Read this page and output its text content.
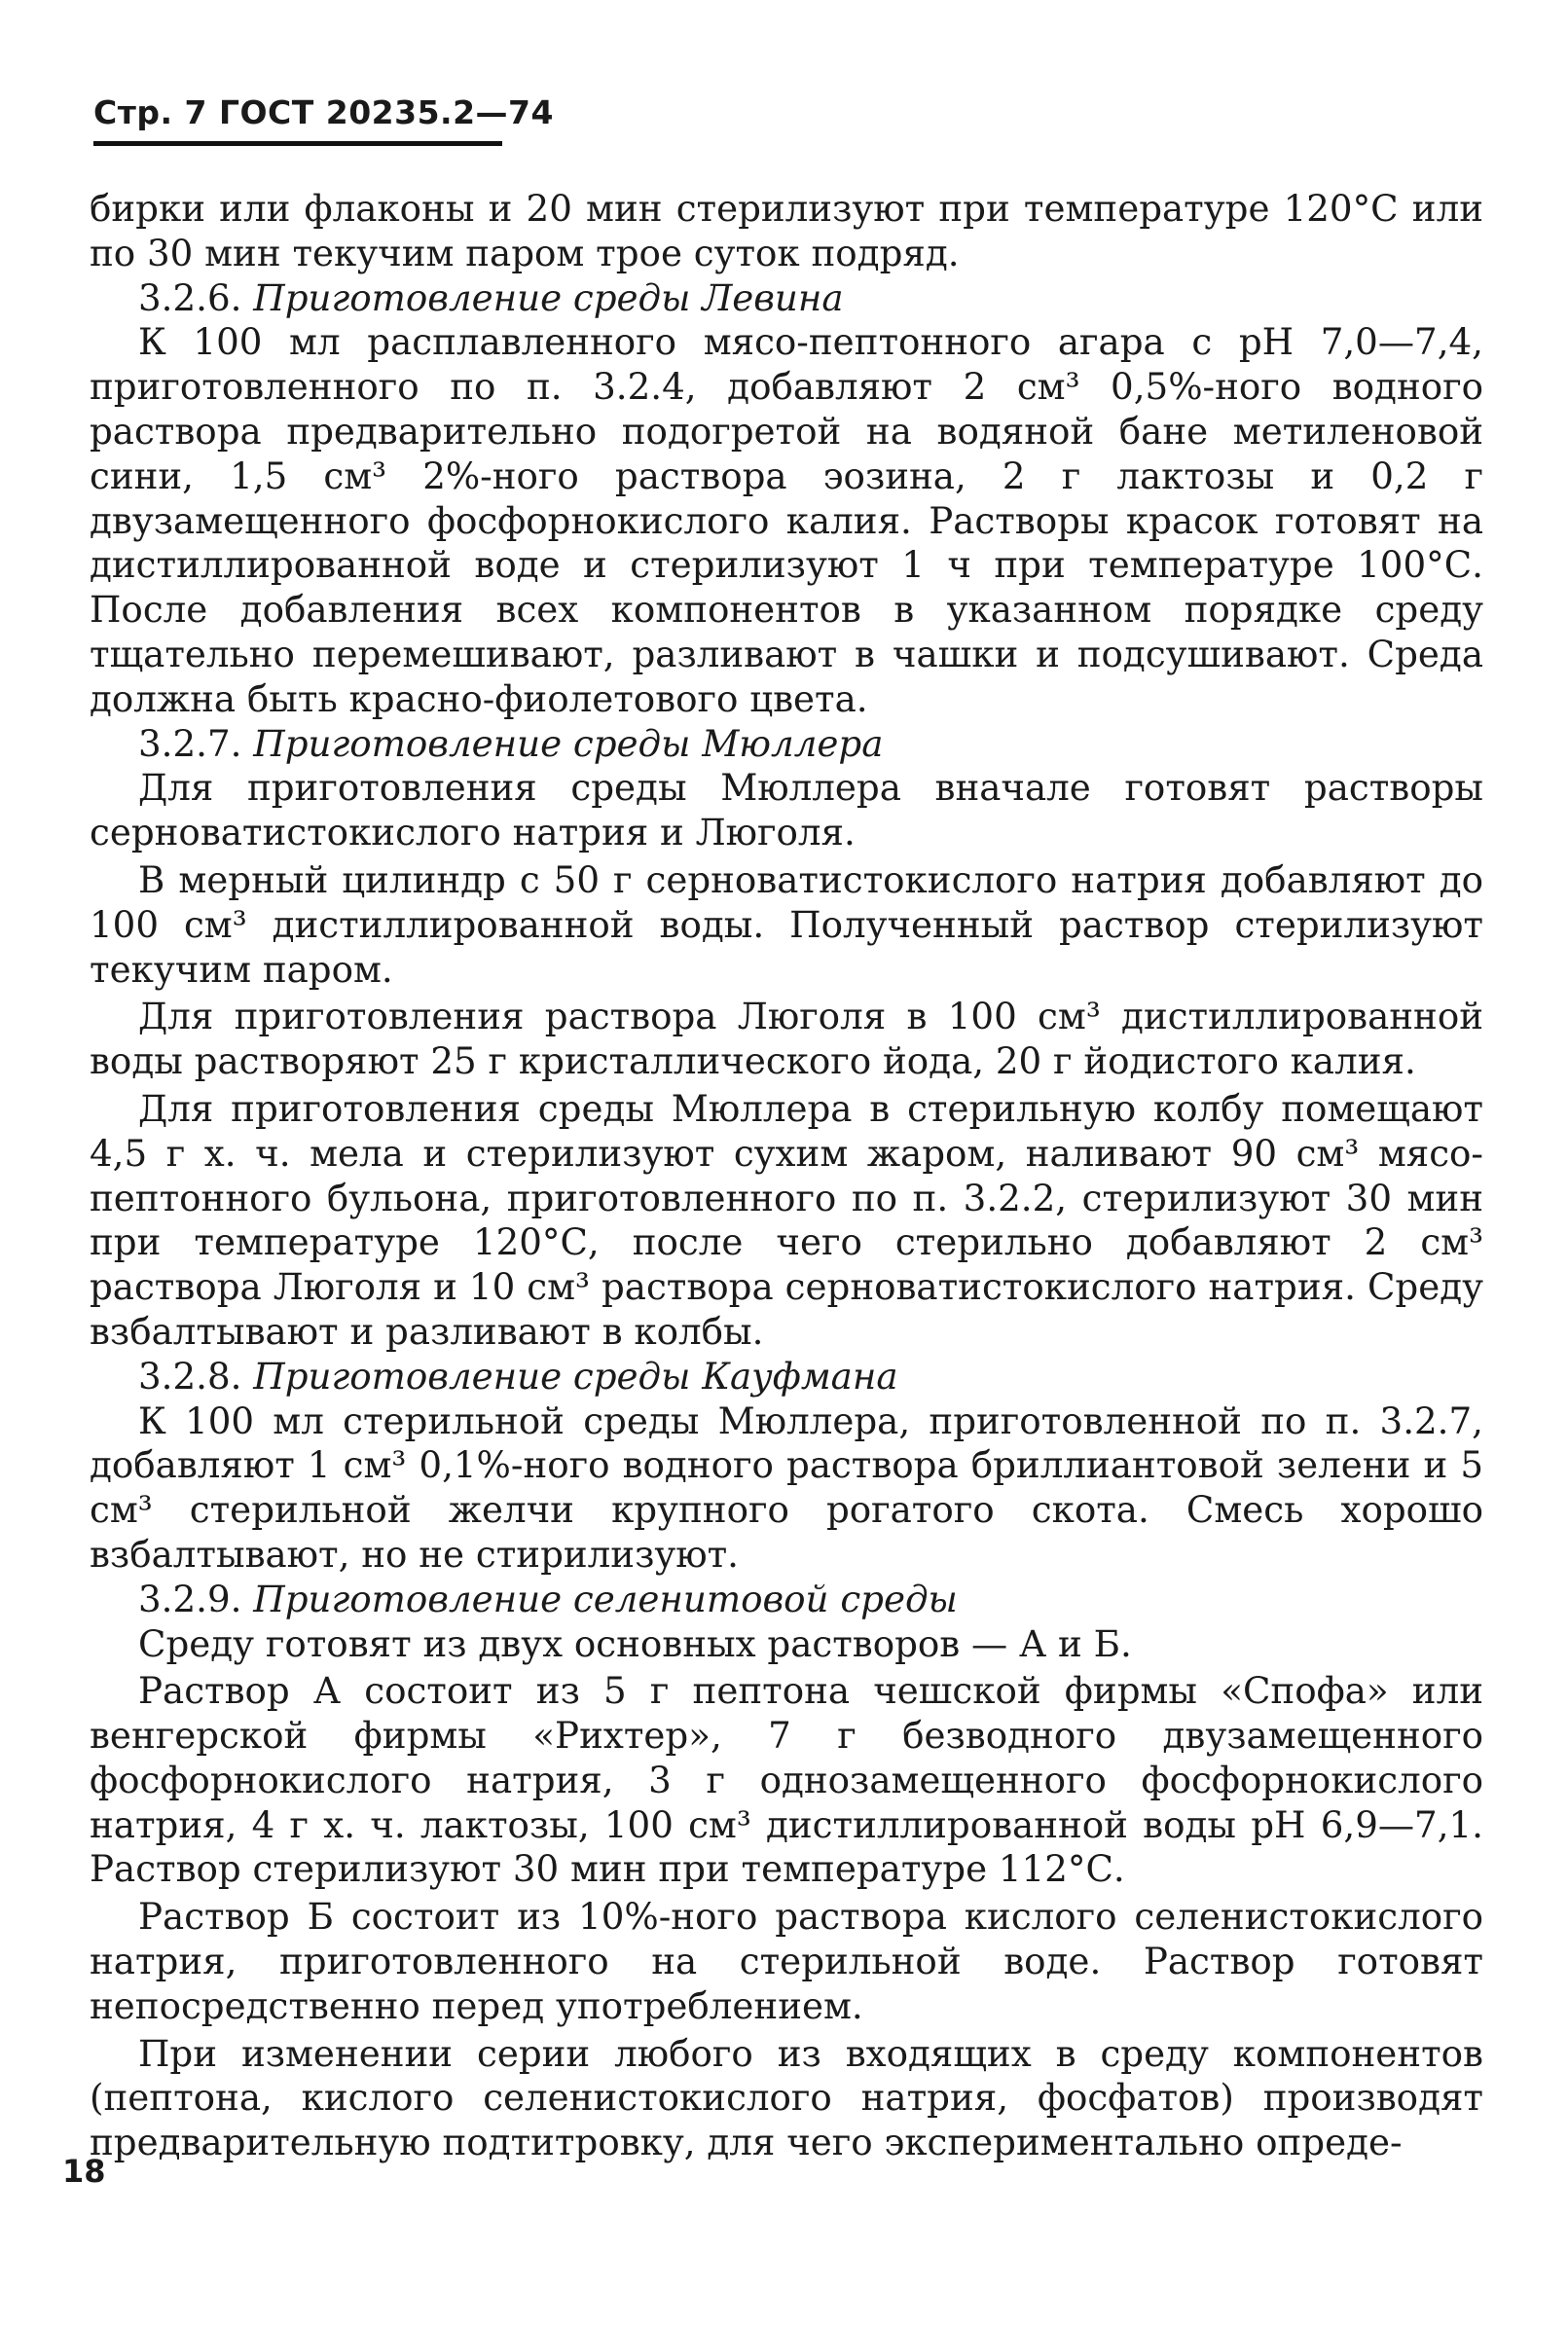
Стр. 7 ГОСТ 20235.2—74

бирки или флаконы и 20 мин стерилизуют при температуре 120°С или по 30 мин текучим паром трое суток подряд.

3.2.6. Приготовление среды Левина

К 100 мл расплавленного мясо-пептонного агара с рН 7,0—7,4, приготовленного по п. 3.2.4, добавляют 2 см³ 0,5%-ного водного раствора предварительно подогретой на водяной бане метиленовой сини, 1,5 см³ 2%-ного раствора эозина, 2 г лактозы и 0,2 г двузамещенного фосфорнокислого калия. Растворы красок готовят на дистиллированной воде и стерилизуют 1 ч при температуре 100°С. После добавления всех компонентов в указанном порядке среду тщательно перемешивают, разливают в чашки и подсушивают. Среда должна быть красно-фиолетового цвета.

3.2.7. Приготовление среды Мюллера

Для приготовления среды Мюллера вначале готовят растворы серноватистокислого натрия и Люголя.

В мерный цилиндр с 50 г серноватистокислого натрия добавляют до 100 см³ дистиллированной воды. Полученный раствор стерилизуют текучим паром.

Для приготовления раствора Люголя в 100 см³ дистиллированной воды растворяют 25 г кристаллического йода, 20 г йодистого калия.

Для приготовления среды Мюллера в стерильную колбу помещают 4,5 г х. ч. мела и стерилизуют сухим жаром, наливают 90 см³ мясо-пептонного бульона, приготовленного по п. 3.2.2, стерилизуют 30 мин при температуре 120°С, после чего стерильно добавляют 2 см³ раствора Люголя и 10 см³ раствора серноватистокислого натрия. Среду взбалтывают и разливают в колбы.

3.2.8. Приготовление среды Кауфмана

К 100 мл стерильной среды Мюллера, приготовленной по п. 3.2.7, добавляют 1 см³ 0,1%-ного водного раствора бриллиантовой зелени и 5 см³ стерильной желчи крупного рогатого скота. Смесь хорошо взбалтывают, но не стирилизуют.

3.2.9. Приготовление селенитовой среды

Среду готовят из двух основных растворов — А и Б.

Раствор А состоит из 5 г пептона чешской фирмы «Спофа» или венгерской фирмы «Рихтер», 7 г безводного двузамещенного фосфорнокислого натрия, 3 г однозамещенного фосфорнокислого натрия, 4 г х. ч. лактозы, 100 см³ дистиллированной воды рН 6,9—7,1. Раствор стерилизуют 30 мин при температуре 112°С.

Раствор Б состоит из 10%-ного раствора кислого селенистокислого натрия, приготовленного на стерильной воде. Раствор готовят непосредственно перед употреблением.

При изменении серии любого из входящих в среду компонентов (пептона, кислого селенистокислого натрия, фосфатов) производят предварительную подтитровку, для чего экспериментально опреде-

18
